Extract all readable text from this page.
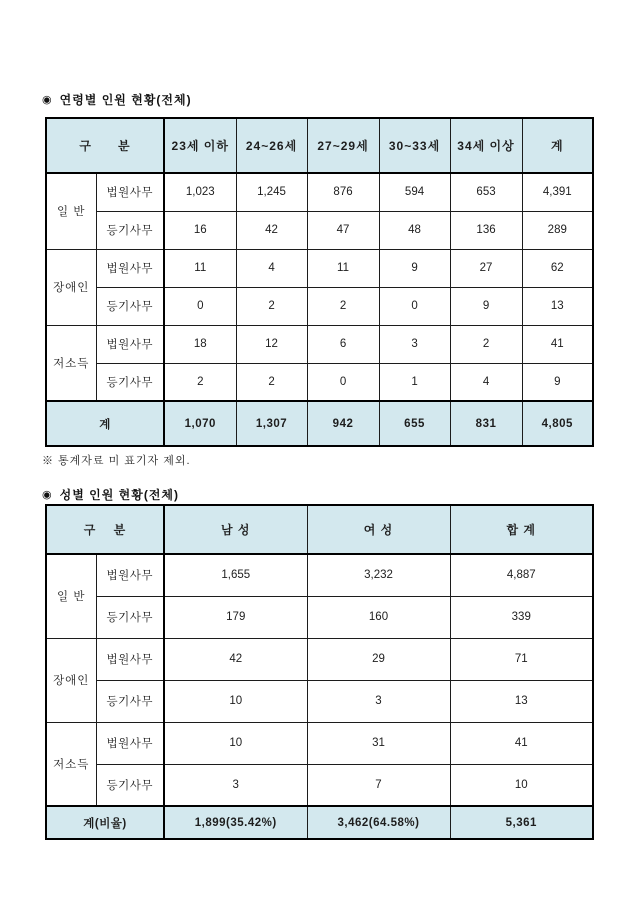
◉ 연령별 인원 현황(전체)
구      분		23세 이하	24~26세	27~29세	30~33세	34세 이상	계
일 반	법원사무	1,023	1,245	876	594	653	4,391
	등기사무	16	42	47	48	136	289
장애인	법원사무	11	4	11	9	27	62
	등기사무	0	2	2	0	9	13
저소득	법원사무	18	12	6	3	2	41
	등기사무	2	2	0	1	4	9
계		1,070	1,307	942	655	831	4,805
※ 통계자료 미 표기자 제외.
◉ 성별 인원 현황(전체)
구    분		남 성	여 성	합 계
일 반	법원사무	1,655	3,232	4,887
	등기사무	179	160	339
장애인	법원사무	42	29	71
	등기사무	10	3	13
저소득	법원사무	10	31	41
	등기사무	3	7	10
계(비율)		1,899(35.42%)	3,462(64.58%)	5,361
